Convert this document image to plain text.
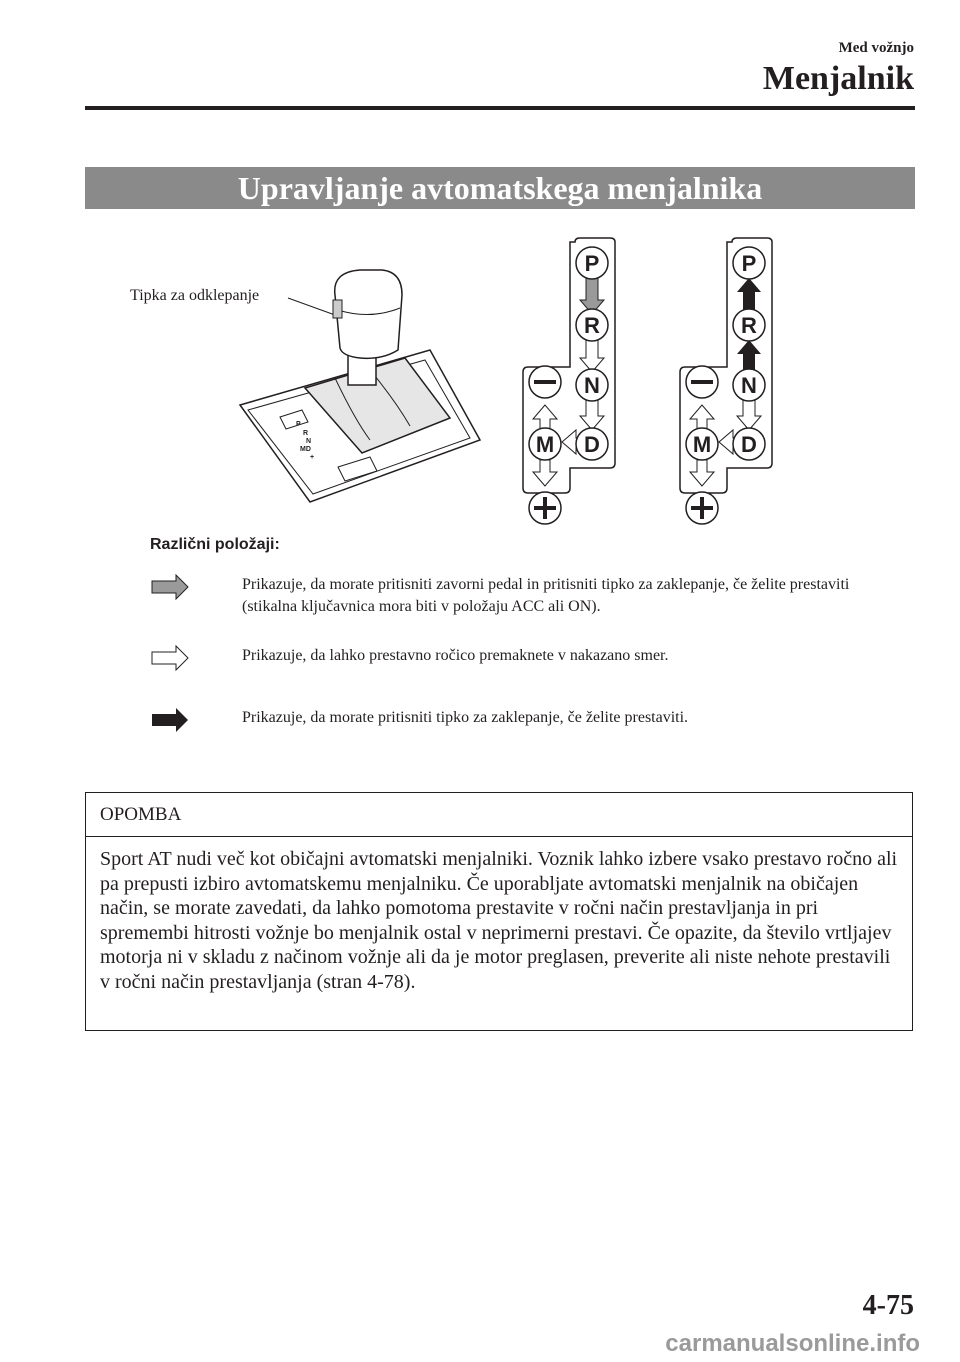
Med vožnjo
Menjalnik
Upravljanje avtomatskega menjalnika
Tipka za odklepanje
P
R
N
MD
+
P
R
N
D
M
P
R
N
D
M
Različni položaji:
Prikazuje, da morate pritisniti zavorni pedal in pritisniti tipko za zaklepanje, če želite prestaviti (stikalna ključavnica mora biti v položaju ACC ali ON).
Prikazuje, da lahko prestavno ročico premaknete v nakazano smer.
Prikazuje, da morate pritisniti tipko za zaklepanje, če želite prestaviti.
OPOMBA
Sport AT nudi več kot običajni avtomatski menjalniki. Voznik lahko izbere vsako prestavo ročno ali pa prepusti izbiro avtomatskemu menjalniku. Če uporabljate avtomatski menjalnik na običajen način, se morate zavedati, da lahko pomotoma prestavite v ročni način prestavljanja in pri spremembi hitrosti vožnje bo menjalnik ostal v neprimerni prestavi. Če opazite, da število vrtljajev motorja ni v skladu z načinom vožnje ali da je motor preglasen, preverite ali niste nehote prestavili v ročni način prestavljanja (stran 4-78).
4-75
carmanualsonline.info
